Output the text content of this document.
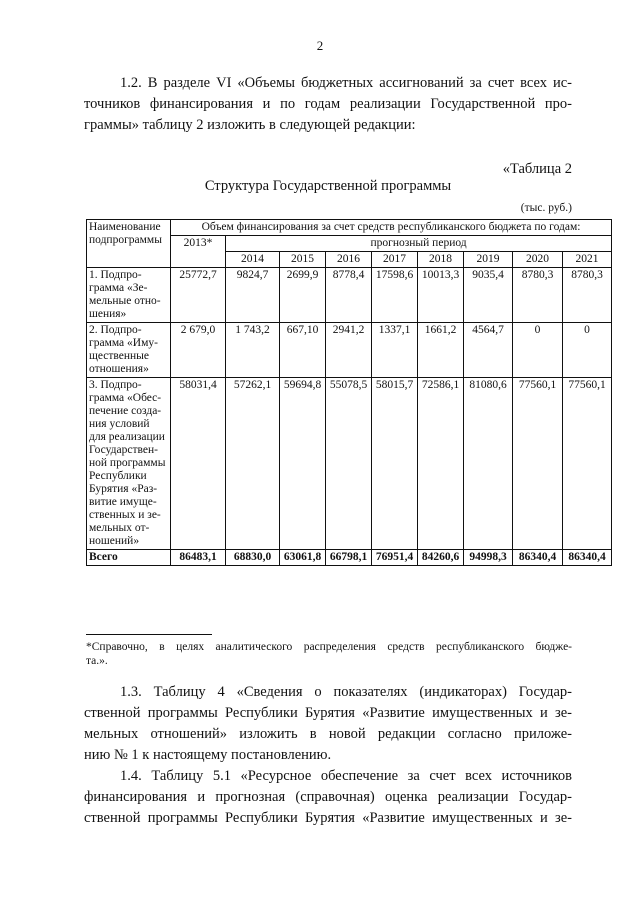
2
1.2. В разделе VI «Объемы бюджетных ассигнований за счет всех ис-
точников финансирования и по годам реализации Государственной про-
граммы» таблицу 2 изложить в следующей редакции:
«Таблица 2
Структура Государственной программы
(тыс. руб.)
Наименование подпрограммы	Объем финансирования за счет средств республиканского бюджета по годам:								
	2013*	прогнозный период							
		2014	2015	2016	2017	2018	2019	2020	2021
1. Подпро-грамма «Зе-мельные отно-шения»	25772,7	9824,7	2699,9	8778,4	17598,6	10013,3	9035,4	8780,3	8780,3
2. Подпро-грамма «Иму-щественные отношения»	2 679,0	1 743,2	667,10	2941,2	1337,1	1661,2	4564,7	0	0
3. Подпро-грамма «Обес-печение созда-ния условий для реализации Государствен-ной программы Республики Бурятия «Раз-витие имуще-ственных и зе-мельных от-ношений»	58031,4	57262,1	59694,8	55078,5	58015,7	72586,1	81080,6	77560,1	77560,1
Всего	86483,1	68830,0	63061,8	66798,1	76951,4	84260,6	94998,3	86340,4	86340,4
*Справочно, в целях аналитического распределения средств республиканского бюдже-
та.».
1.3. Таблицу 4 «Сведения о показателях (индикаторах) Государ-
ственной программы Республики Бурятия «Развитие имущественных и зе-
мельных отношений» изложить в новой редакции согласно приложе-
нию № 1 к настоящему постановлению.
1.4. Таблицу 5.1 «Ресурсное обеспечение за счет всех источников
финансирования и прогнозная (справочная) оценка реализации Государ-
ственной программы Республики Бурятия «Развитие имущественных и зе-
